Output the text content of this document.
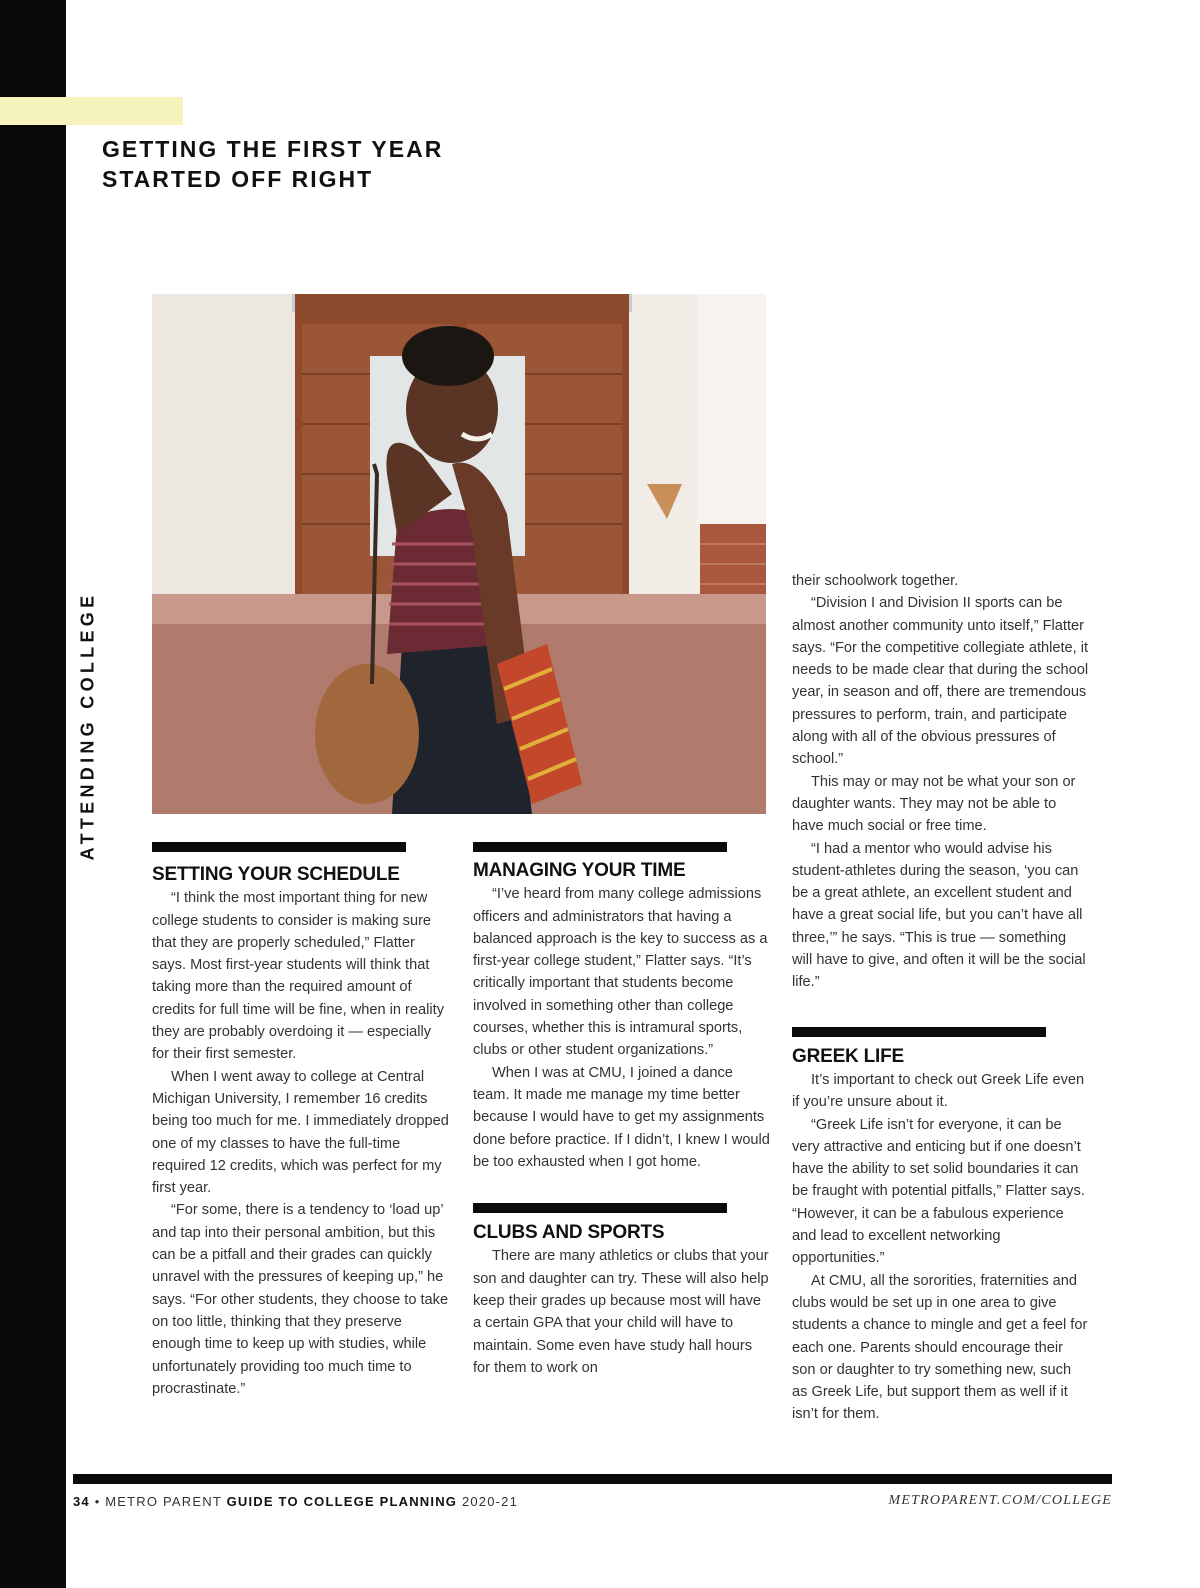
ATTENDING COLLEGE
GETTING THE FIRST YEAR
STARTED OFF RIGHT
SETTING YOUR SCHEDULE

“I think the most important thing for new college students to consider is making sure that they are properly scheduled,” Flatter says. Most first-year students will think that taking more than the required amount of credits for full time will be fine, when in reality they are probably overdoing it — especially for their first semester.

When I went away to college at Central Michigan University, I remember 16 credits being too much for me. I immediately dropped one of my classes to have the full-time required 12 credits, which was perfect for my first year.

“For some, there is a tendency to ‘load up’ and tap into their personal ambition, but this can be a pitfall and their grades can quickly unravel with the pressures of keeping up,” he says. “For other students, they choose to take on too little, thinking that they preserve enough time to keep up with studies, while unfortunately providing too much time to procrastinate.”

MANAGING YOUR TIME

“I’ve heard from many college admissions officers and administrators that having a balanced approach is the key to success as a first-year college student,” Flatter says. “It’s critically important that students become involved in something other than college courses, whether this is intramural sports, clubs or other student organizations.”

When I was at CMU, I joined a dance team. It made me manage my time better because I would have to get my assignments done before practice. If I didn’t, I knew I would be too exhausted when I got home.

CLUBS AND SPORTS

There are many athletics or clubs that your son and daughter can try. These will also help keep their grades up because most will have a certain GPA that your child will have to maintain. Some even have study hall hours for them to work on

their schoolwork together.

“Division I and Division II sports can be almost another community unto itself,” Flatter says. “For the competitive collegiate athlete, it needs to be made clear that during the school year, in season and off, there are tremendous pressures to perform, train, and participate along with all of the obvious pressures of school.”

This may or may not be what your son or daughter wants. They may not be able to have much social or free time.

“I had a mentor who would advise his student-athletes during the season, ‘you can be a great athlete, an excellent student and have a great social life, but you can’t have all three,’” he says. “This is true — something will have to give, and often it will be the social life.”

GREEK LIFE

It’s important to check out Greek Life even if you’re unsure about it.

“Greek Life isn’t for everyone, it can be very attractive and enticing but if one doesn’t have the ability to set solid boundaries it can be fraught with potential pitfalls,” Flatter says. “However, it can be a fabulous experience and lead to excellent networking opportunities.”

At CMU, all the sororities, fraternities and clubs would be set up in one area to give students a chance to mingle and get a feel for each one. Parents should encourage their son or daughter to try something new, such as Greek Life, but support them as well if it isn’t for them.

34 • METRO PARENT GUIDE TO COLLEGE PLANNING 2020-21	METROPARENT.COM/COLLEGE
